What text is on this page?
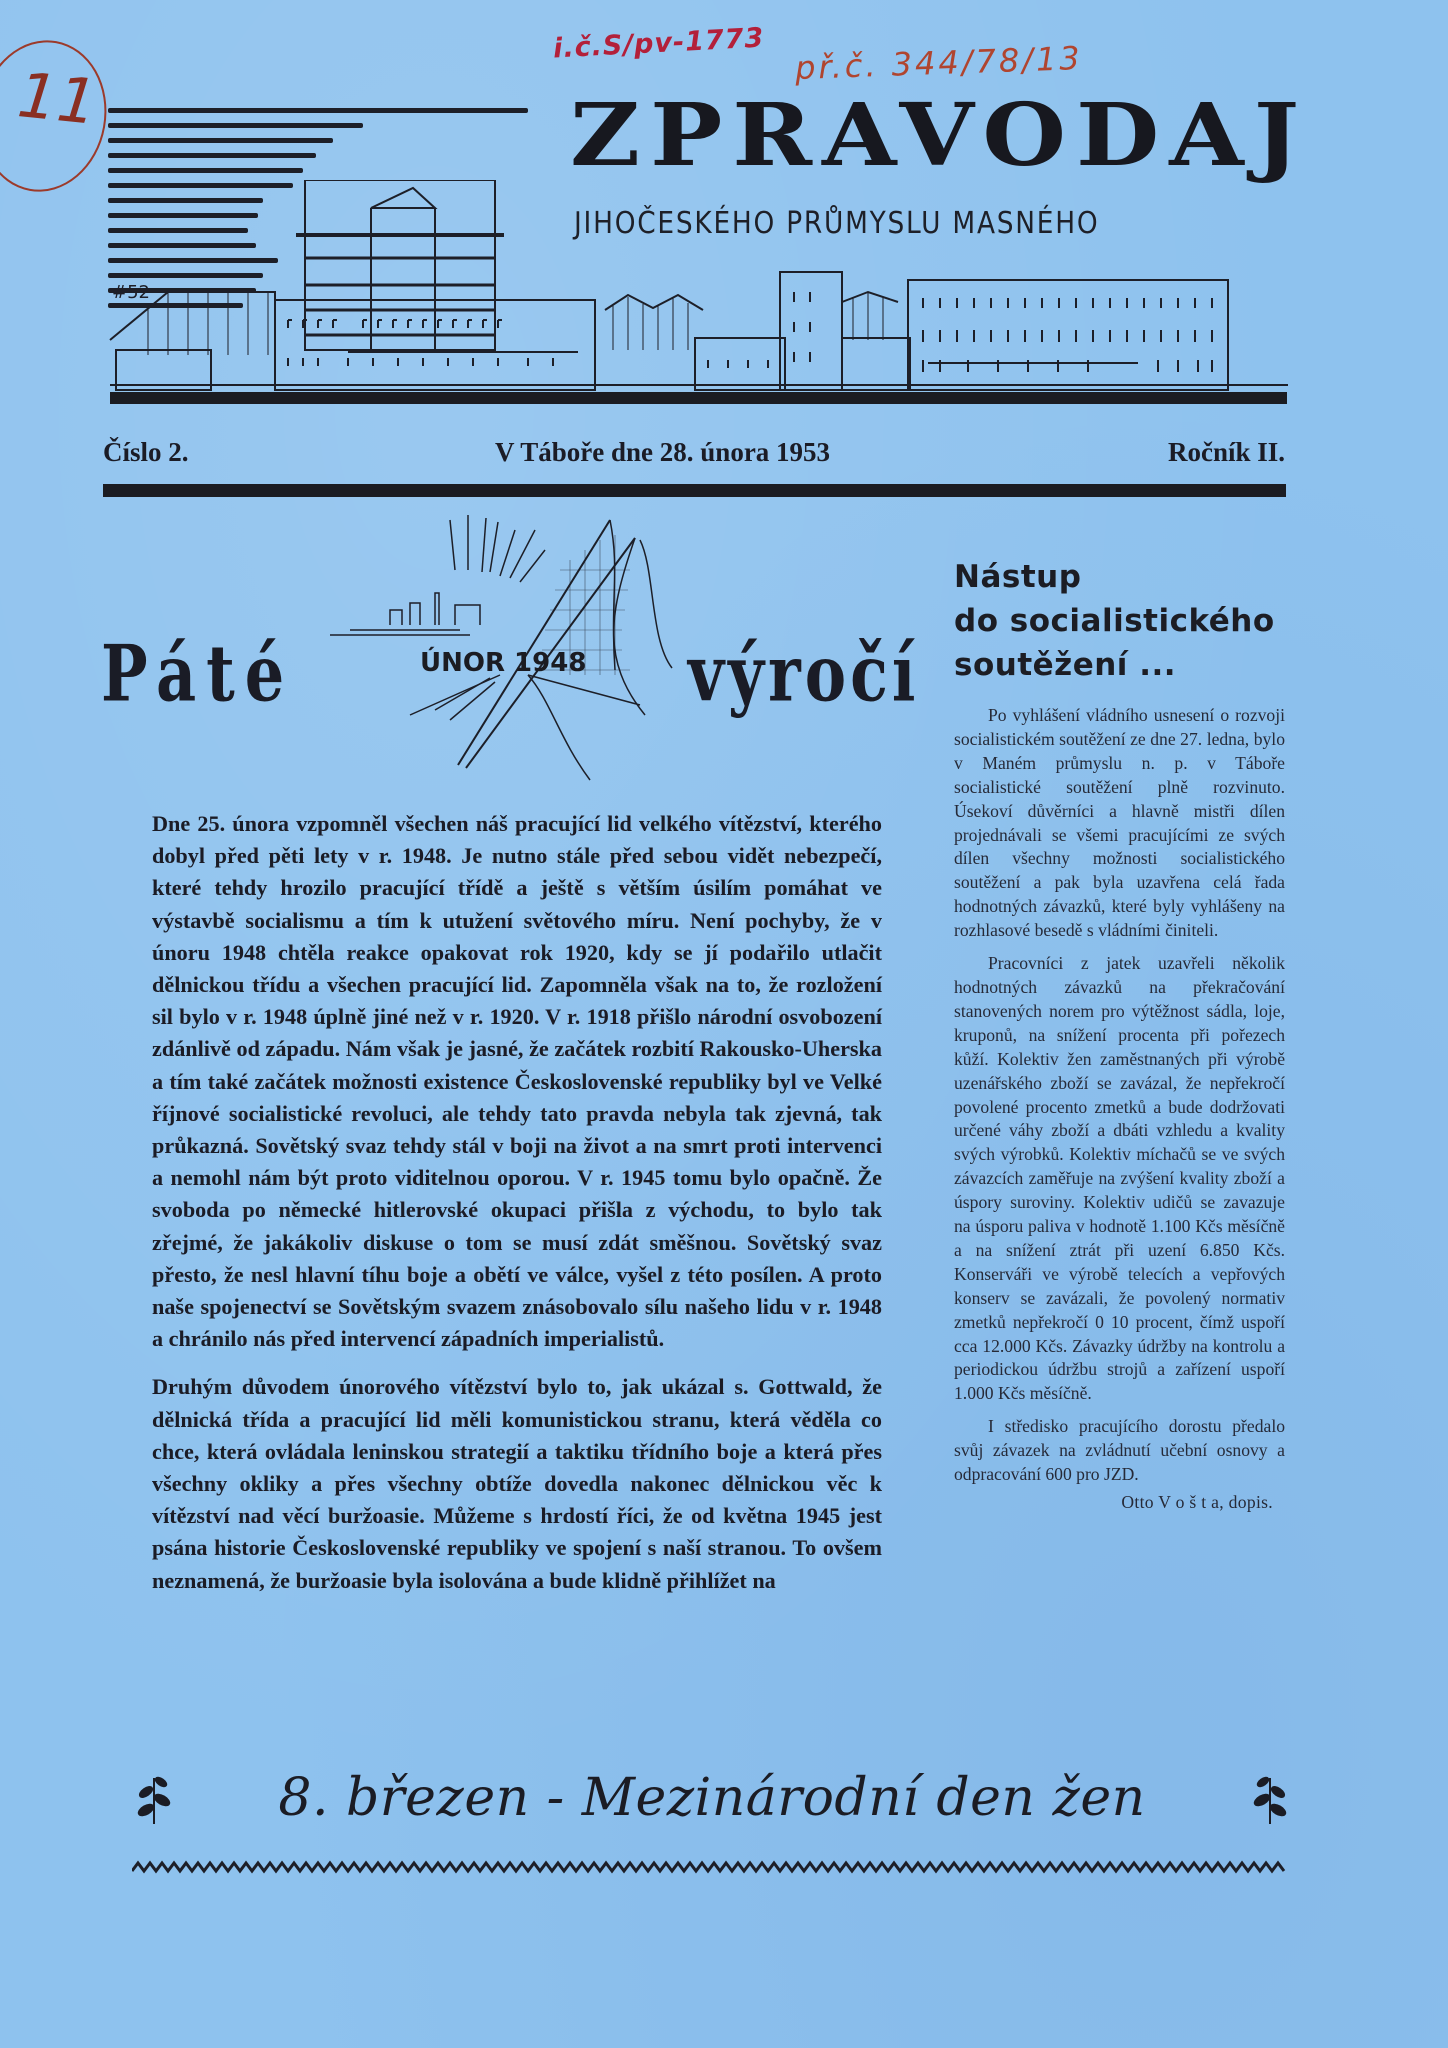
i.č.S/pv-1773 př.č. 344/78/13
11
#52
ZPRAVODAJ
JIHOČESKÉHO PRŮMYSLU MASNÉHO
Číslo 2.	V Táboře dne 28. února 1953	Ročník II.
Páté	ÚNOR 1948 výročí
Nástup
do socialistického
soutěžení ...

Dne 25. února vzpomněl všechen náš pracující lid velkého vítězství, kterého dobyl před pěti lety v r. 1948. Je nutno stále před sebou vidět nebezpečí, které tehdy hrozilo pracující třídě a ještě s větším úsilím pomáhat ve výstavbě socialismu a tím k utužení světového míru. Není pochyby, že v únoru 1948 chtěla reakce opakovat rok 1920, kdy se jí podařilo utlačit dělnickou třídu a všechen pracující lid. Zapomněla však na to, že rozložení sil bylo v r. 1948 úplně jiné než v r. 1920. V r. 1918 přišlo národní osvobození zdánlivě od západu. Nám však je jasné, že začátek rozbití Rakousko-Uherska a tím také začátek možnosti existence Československé republiky byl ve Velké říjnové socialistické revoluci, ale tehdy tato pravda nebyla tak zjevná, tak průkazná. Sovětský svaz tehdy stál v boji na život a na smrt proti intervenci a nemohl nám být proto viditelnou oporou. V r. 1945 tomu bylo opačně. Že svoboda po německé hitlerovské okupaci přišla z východu, to bylo tak zřejmé, že jakákoliv diskuse o tom se musí zdát směšnou. Sovětský svaz přesto, že nesl hlavní tíhu boje a obětí ve válce, vyšel z této posílen. A proto naše spojenectví se Sovětským svazem znásobovalo sílu našeho lidu v r. 1948 a chránilo nás před intervencí západních imperialistů.

Druhým důvodem únorového vítězství bylo to, jak ukázal s. Gottwald, že dělnická třída a pracující lid měli komunistickou stranu, která věděla co chce, která ovládala leninskou strategií a taktiku třídního boje a která přes všechny okliky a přes všechny obtíže dovedla nakonec dělnickou věc k vítězství nad věcí buržoasie. Můžeme s hrdostí říci, že od května 1945 jest psána historie Československé republiky ve spojení s naší stranou. To ovšem neznamená, že buržoasie byla isolována a bude klidně přihlížet na

Po vyhlášení vládního usnesení o rozvoji socialistickém soutěžení ze dne 27. ledna, bylo v Maném průmyslu n. p. v Táboře socialistické soutěžení plně rozvinuto. Úsekoví důvěrníci a hlavně mistři dílen projednávali se všemi pracujícími ze svých dílen všechny možnosti socialistického soutěžení a pak byla uzavřena celá řada hodnotných závazků, které byly vyhlášeny na rozhlasové besedě s vládními činiteli.

Pracovníci z jatek uzavřeli několik hodnotných závazků na překračování stanovených norem pro výtěžnost sádla, loje, kruponů, na snížení procenta při pořezech kůží. Kolektiv žen zaměstnaných při výrobě uzenářského zboží se zavázal, že nepřekročí povolené procento zmetků a bude dodržovati určené váhy zboží a dbáti vzhledu a kvality svých výrobků. Kolektiv míchačů se ve svých závazcích zaměřuje na zvýšení kvality zboží a úspory suroviny. Kolektiv udičů se zavazuje na úsporu paliva v hodnotě 1.100 Kčs měsíčně a na snížení ztrát při uzení 6.850 Kčs. Konserváři ve výrobě telecích a vepřových konserv se zavázali, že povolený normativ zmetků nepřekročí 0 10 procent, čímž uspoří cca 12.000 Kčs. Závazky údržby na kontrolu a periodickou údržbu strojů a zařízení uspoří 1.000 Kčs měsíčně.

I středisko pracujícího dorostu předalo svůj závazek na zvládnutí učební osnovy a odpracování 600 pro JZD.

Otto V o š t a, dopis.

8. březen - Mezinárodní den žen
